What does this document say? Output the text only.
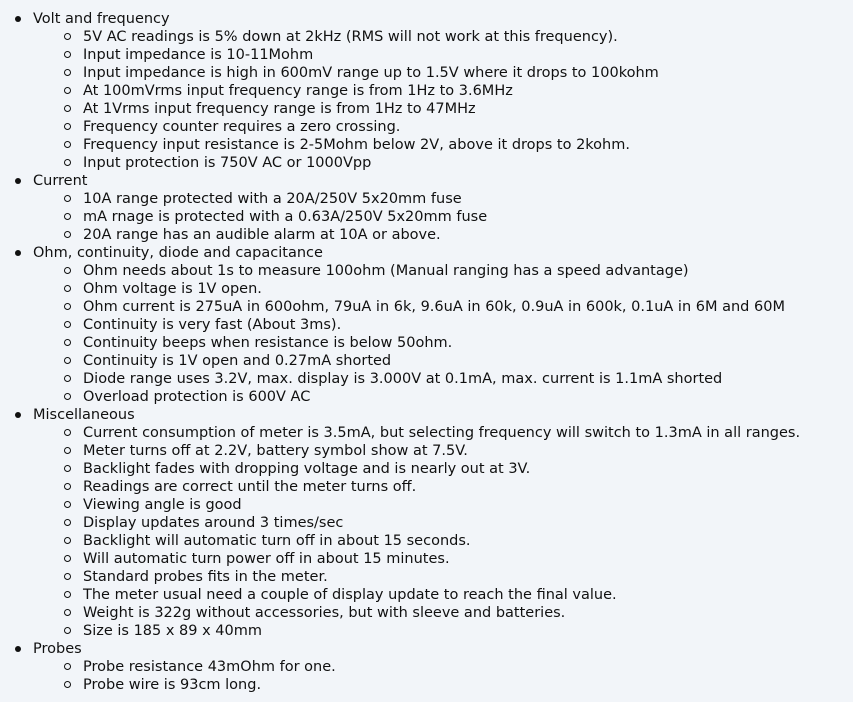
Volt and frequency
5V AC readings is 5% down at 2kHz (RMS will not work at this frequency).
Input impedance is 10-11Mohm
Input impedance is high in 600mV range up to 1.5V where it drops to 100kohm
At 100mVrms input frequency range is from 1Hz to 3.6MHz
At 1Vrms input frequency range is from 1Hz to 47MHz
Frequency counter requires a zero crossing.
Frequency input resistance is 2-5Mohm below 2V, above it drops to 2kohm.
Input protection is 750V AC or 1000Vpp
Current
10A range protected with a 20A/250V 5x20mm fuse
mA rnage is protected with a 0.63A/250V 5x20mm fuse
20A range has an audible alarm at 10A or above.
Ohm, continuity, diode and capacitance
Ohm needs about 1s to measure 100ohm (Manual ranging has a speed advantage)
Ohm voltage is 1V open.
Ohm current is 275uA in 600ohm, 79uA in 6k, 9.6uA in 60k, 0.9uA in 600k, 0.1uA in 6M and 60M
Continuity is very fast (About 3ms).
Continuity beeps when resistance is below 50ohm.
Continuity is 1V open and 0.27mA shorted
Diode range uses 3.2V, max. display is 3.000V at 0.1mA, max. current is 1.1mA shorted
Overload protection is 600V AC
Miscellaneous
Current consumption of meter is 3.5mA, but selecting frequency will switch to 1.3mA in all ranges.
Meter turns off at 2.2V, battery symbol show at 7.5V.
Backlight fades with dropping voltage and is nearly out at 3V.
Readings are correct until the meter turns off.
Viewing angle is good
Display updates around 3 times/sec
Backlight will automatic turn off in about 15 seconds.
Will automatic turn power off in about 15 minutes.
Standard probes fits in the meter.
The meter usual need a couple of display update to reach the final value.
Weight is 322g without accessories, but with sleeve and batteries.
Size is 185 x 89 x 40mm
Probes
Probe resistance 43mOhm for one.
Probe wire is 93cm long.
